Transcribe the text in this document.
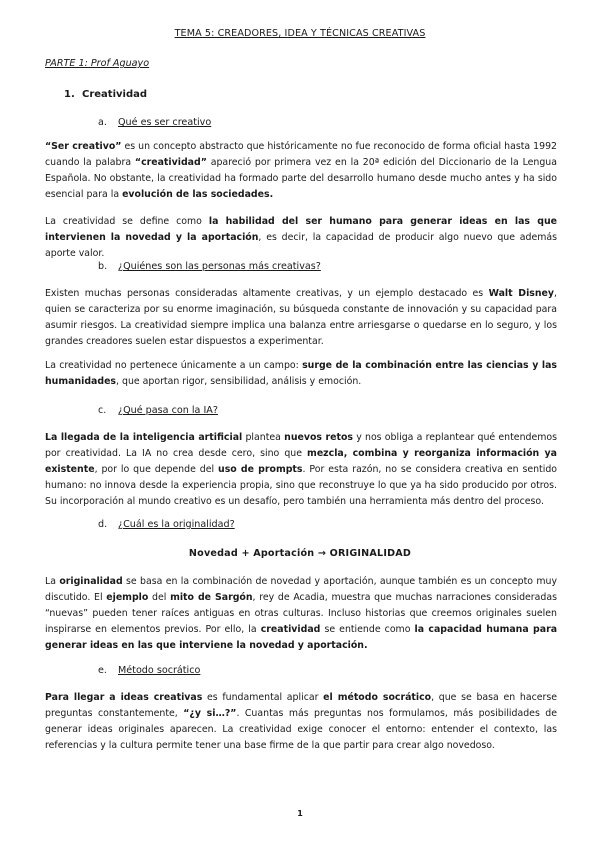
TEMA 5: CREADORES, IDEA Y TÉCNICAS CREATIVAS
PARTE 1: Prof Aguayo
1. Creatividad
a. Qué es ser creativo

“Ser creativo” es un concepto abstracto que históricamente no fue reconocido de forma oficial hasta 1992 cuando la palabra “creatividad” apareció por primera vez en la 20ª edición del Diccionario de la Lengua Española. No obstante, la creatividad ha formado parte del desarrollo humano desde mucho antes y ha sido esencial para la evolución de las sociedades.

La creatividad se define como la habilidad del ser humano para generar ideas en las que intervienen la novedad y la aportación, es decir, la capacidad de producir algo nuevo que además aporte valor.

b. ¿Quiénes son las personas más creativas?

Existen muchas personas consideradas altamente creativas, y un ejemplo destacado es Walt Disney, quien se caracteriza por su enorme imaginación, su búsqueda constante de innovación y su capacidad para asumir riesgos. La creatividad siempre implica una balanza entre arriesgarse o quedarse en lo seguro, y los grandes creadores suelen estar dispuestos a experimentar.

La creatividad no pertenece únicamente a un campo: surge de la combinación entre las ciencias y las humanidades, que aportan rigor, sensibilidad, análisis y emoción.

c. ¿Qué pasa con la IA?

La llegada de la inteligencia artificial plantea nuevos retos y nos obliga a replantear qué entendemos por creatividad. La IA no crea desde cero, sino que mezcla, combina y reorganiza información ya existente, por lo que depende del uso de prompts. Por esta razón, no se considera creativa en sentido humano: no innova desde la experiencia propia, sino que reconstruye lo que ya ha sido producido por otros. Su incorporación al mundo creativo es un desafío, pero también una herramienta más dentro del proceso.

d. ¿Cuál es la originalidad?
Novedad + Aportación → ORIGINALIDAD

La originalidad se basa en la combinación de novedad y aportación, aunque también es un concepto muy discutido. El ejemplo del mito de Sargón, rey de Acadia, muestra que muchas narraciones consideradas “nuevas” pueden tener raíces antiguas en otras culturas. Incluso historias que creemos originales suelen inspirarse en elementos previos. Por ello, la creatividad se entiende como la capacidad humana para generar ideas en las que interviene la novedad y aportación.

e. Método socrático

Para llegar a ideas creativas es fundamental aplicar el método socrático, que se basa en hacerse preguntas constantemente, “¿y si…?”. Cuantas más preguntas nos formulamos, más posibilidades de generar ideas originales aparecen. La creatividad exige conocer el entorno: entender el contexto, las referencias y la cultura permite tener una base firme de la que partir para crear algo novedoso.

1
